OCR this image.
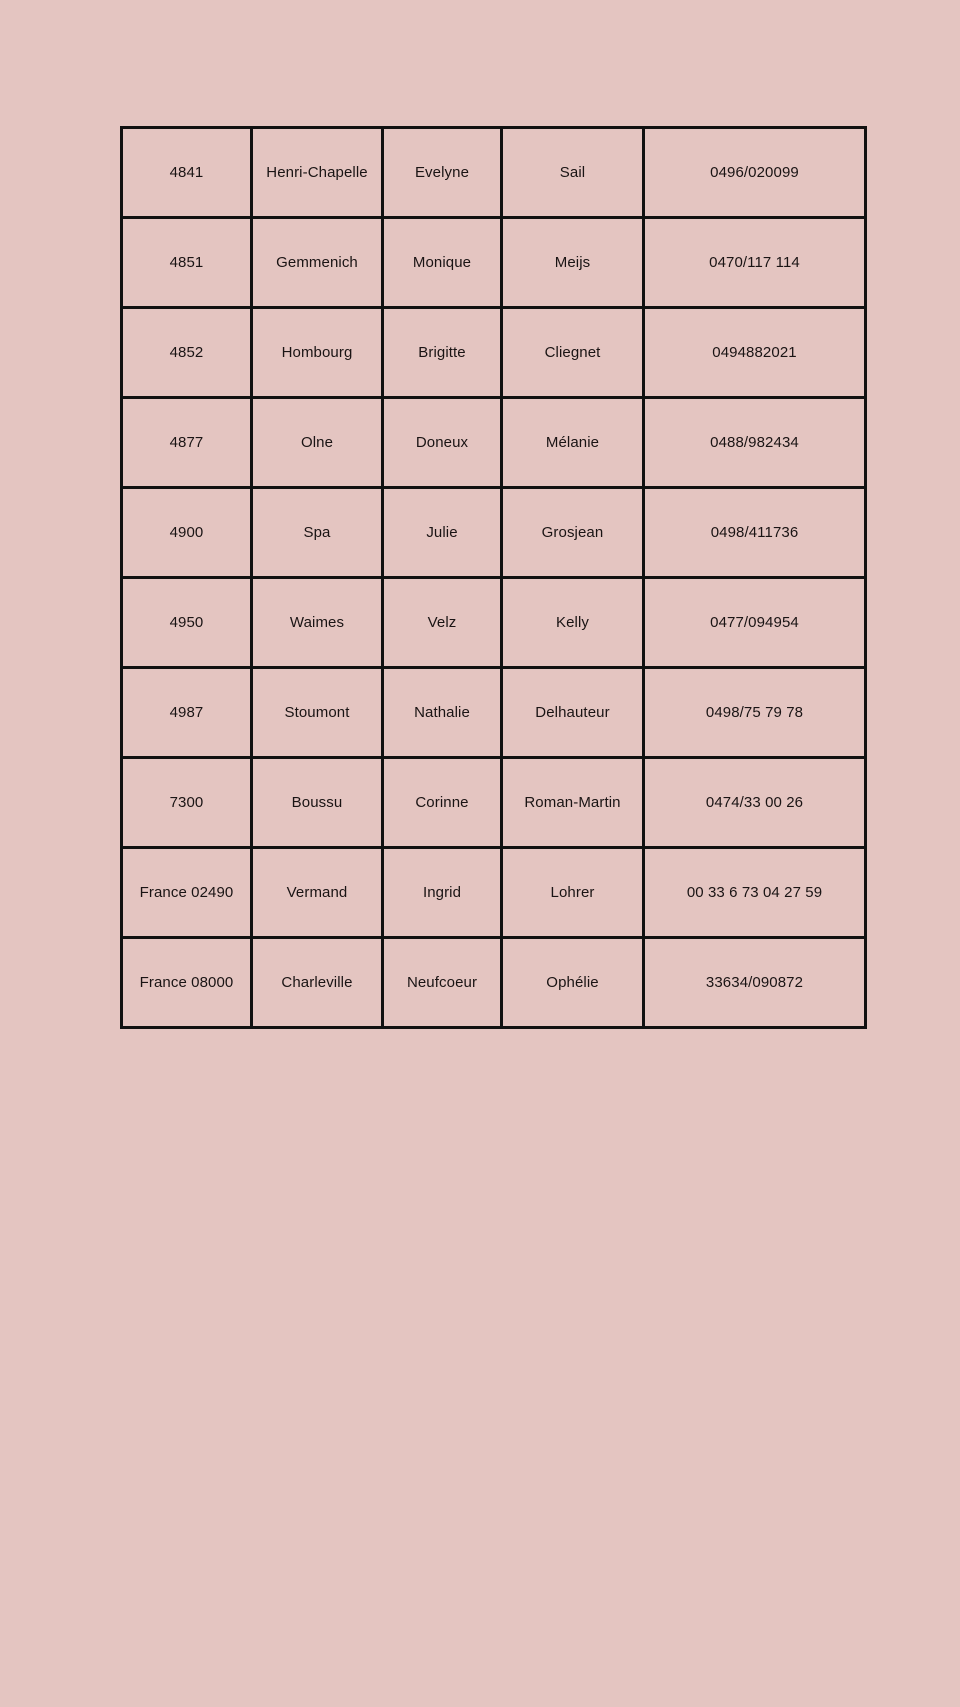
4841	Henri-Chapelle	Evelyne	Sail	0496/020099
4851	Gemmenich	Monique	Meijs	0470/117 114
4852	Hombourg	Brigitte	Cliegnet	0494882021
4877	Olne	Doneux	Mélanie	0488/982434
4900	Spa	Julie	Grosjean	0498/411736
4950	Waimes	Velz	Kelly	0477/094954
4987	Stoumont	Nathalie	Delhauteur	0498/75 79 78
7300	Boussu	Corinne	Roman-Martin	0474/33 00 26
France 02490	Vermand	Ingrid	Lohrer	00 33 6 73 04 27 59
France 08000	Charleville	Neufcoeur	Ophélie	33634/090872
